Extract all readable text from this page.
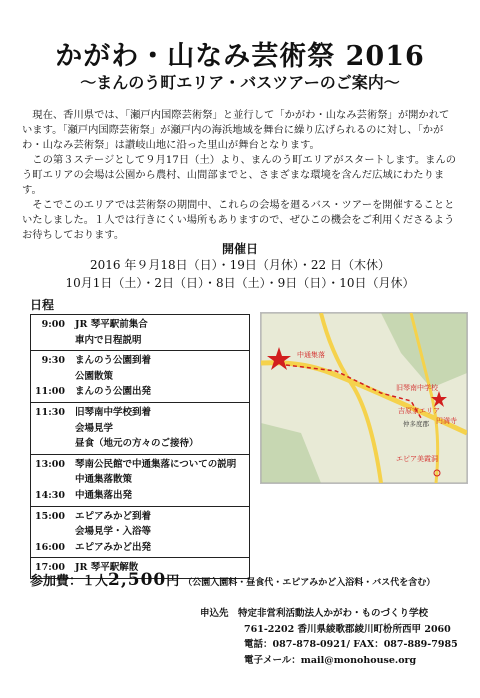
かがわ・山なみ芸術祭 2016
～まんのう町エリア・バスツアーのご案内～

現在、香川県では、「瀬戸内国際芸術祭」と並行して「かがわ・山なみ芸術祭」が開かれています。「瀬戸内国際芸術祭」が瀬戸内の海浜地域を舞台に繰り広げられるのに対し、「かがわ・山なみ芸術祭」は讃岐山地に沿った里山が舞台となります。

この第３ステージとして９月17日（土）より、まんのう町エリアがスタートします。まんのう町エリアの会場は公園から農村、山間部までと、さまざまな環境を含んだ広域にわたります。

そこでこのエリアでは芸術祭の期間中、これらの会場を廻るバス・ツアーを開催することといたしました。１人では行きにくい場所もありますので、ぜひこの機会をご利用くださるようお待ちしております。

開催日
2016 年９月18日（日）・19日（月休）・22 日（木休）
10月1日（土）・2日（日）・8日（土）・9日（日）・10日（月休）
日程
9:00	JR 琴平駅前集合
車内で日程説明
9:30	まんのう公園到着
公園散策
11:00	まんのう公園出発
11:30	旧琴南中学校到着
会場見学
昼食（地元の方々のご接待）
13:00	琴南公民館で中通集落についての説明
中通集落散策
14:30	中通集落出発
15:00	エピアみかど到着
会場見学・入浴等
16:00	エピアみかど出発
17:00	JR 琴平駅解散
中通集落
旧琴南中学校
吉原家エリア
仲多度郡 円満寺
エピア美霞洞
参加費：１人2,500円 （公園入園料・昼食代・エピアみかど入浴料・バス代を含む）
申込先　 特定非営利活動法人かがわ・ものづくり学校
761-2202 香川県綾歌郡綾川町枌所西甲 2060
電話：087-878-0921/ FAX：087-889-7985
電子メール：mail@monohouse.org
